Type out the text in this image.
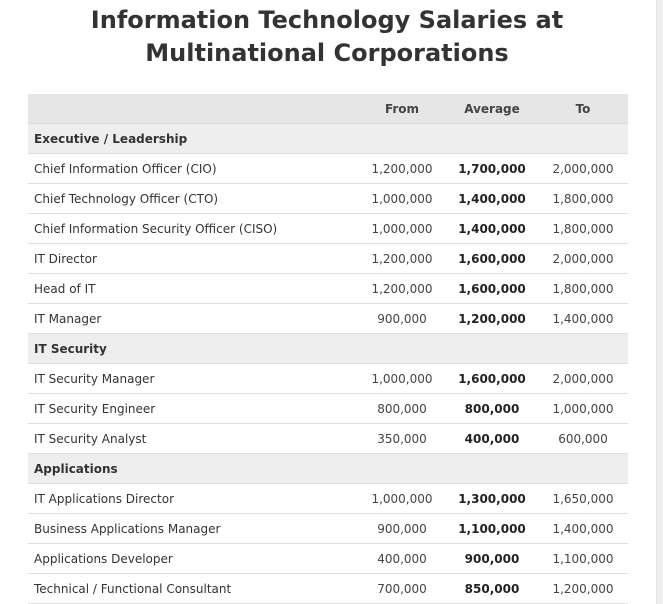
Information Technology Salaries at Multinational Corporations
	From	Average	To
Executive / Leadership			
Chief Information Officer (CIO)	1,200,000	1,700,000	2,000,000
Chief Technology Officer (CTO)	1,000,000	1,400,000	1,800,000
Chief Information Security Officer (CISO)	1,000,000	1,400,000	1,800,000
IT Director	1,200,000	1,600,000	2,000,000
Head of IT	1,200,000	1,600,000	1,800,000
IT Manager	900,000	1,200,000	1,400,000
IT Security			
IT Security Manager	1,000,000	1,600,000	2,000,000
IT Security Engineer	800,000	800,000	1,000,000
IT Security Analyst	350,000	400,000	600,000
Applications			
IT Applications Director	1,000,000	1,300,000	1,650,000
Business Applications Manager	900,000	1,100,000	1,400,000
Applications Developer	400,000	900,000	1,100,000
Technical / Functional Consultant	700,000	850,000	1,200,000
